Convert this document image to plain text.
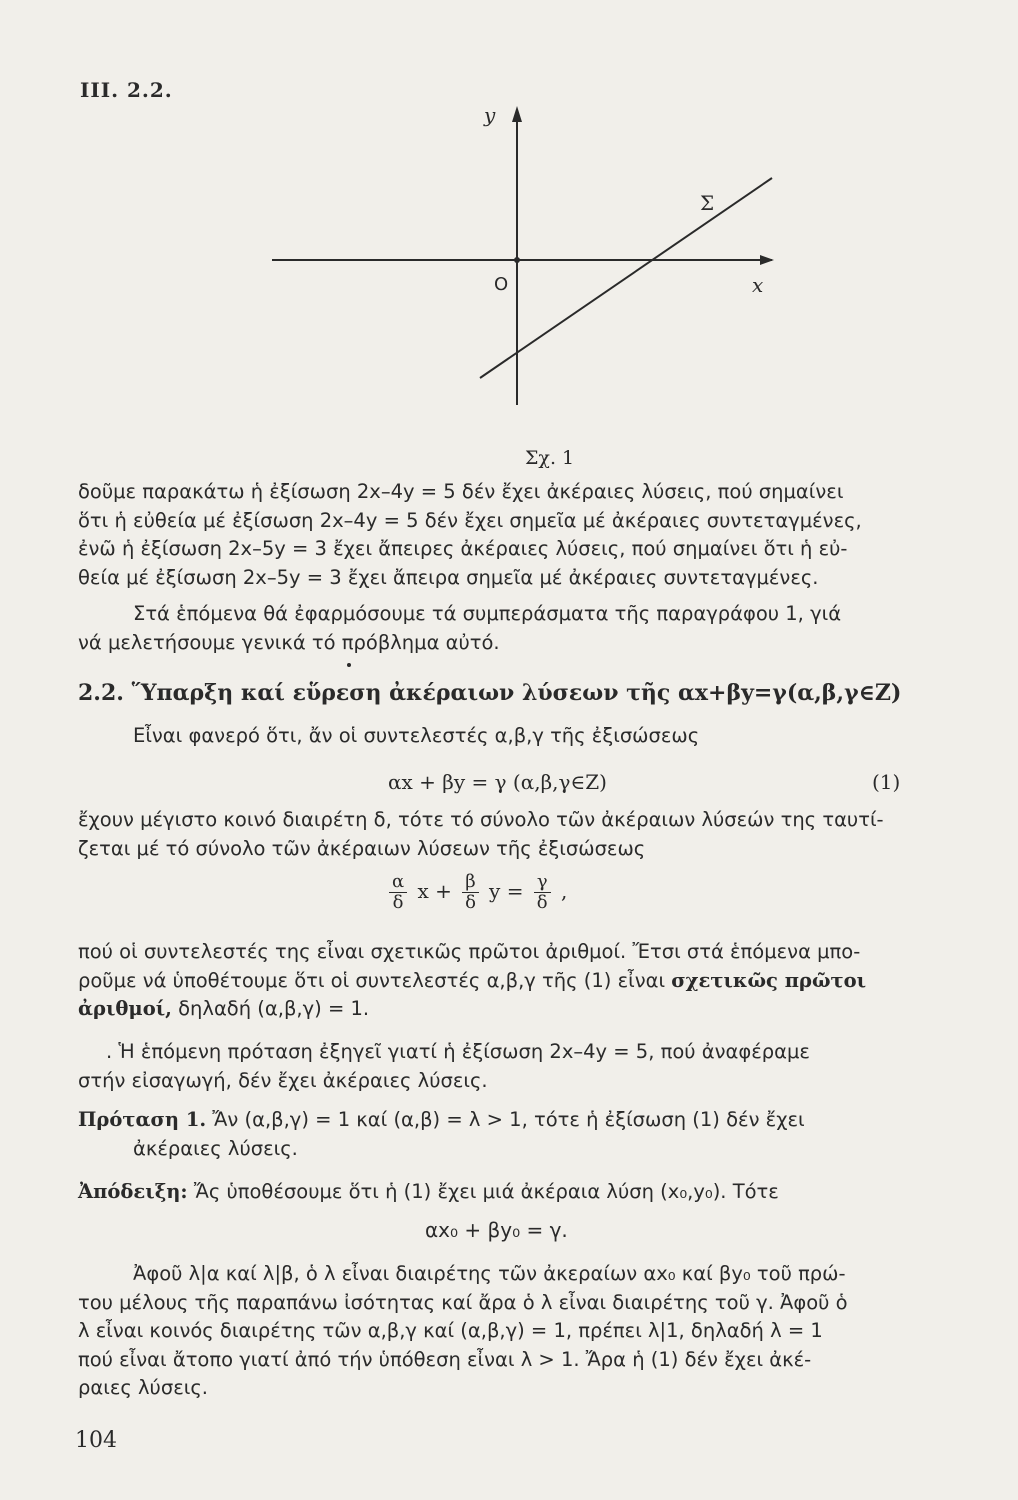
III. 2.2.
y
x
O
Σ
Σχ. 1
δοῦμε παρακάτω ἡ ἐξίσωση 2x–4y = 5 δέν ἔχει ἀκέραιες λύσεις, πού σημαίνει
ὅτι ἡ εὐθεία μέ ἐξίσωση 2x–4y = 5 δέν ἔχει σημεῖα μέ ἀκέραιες συντεταγμένες,
ἐνῶ ἡ ἐξίσωση 2x–5y = 3 ἔχει ἄπειρες ἀκέραιες λύσεις, πού σημαίνει ὅτι ἡ εὐ-
θεία μέ ἐξίσωση 2x–5y = 3 ἔχει ἄπειρα σημεῖα μέ ἀκέραιες συντεταγμένες.
Στά ἑπόμενα θά ἐφαρμόσουμε τά συμπεράσματα τῆς παραγράφου 1, γιά
νά μελετήσουμε γενικά τό πρόβλημα αὐτό.
2.2. Ὕπαρξη καί εὕρεση ἀκέραιων λύσεων τῆς αx+βy=γ(α,β,γ∈Z)
Εἶναι φανερό ὅτι, ἄν οἱ συντελεστές α,β,γ τῆς ἐξισώσεως
αx + βy = γ (α,β,γ∈Z)	(1)
ἔχουν μέγιστο κοινό διαιρέτη δ, τότε τό σύνολο τῶν ἀκέραιων λύσεών της ταυτί-
ζεται μέ τό σύνολο τῶν ἀκέραιων λύσεων τῆς ἐξισώσεως
$\frac{\alpha}{\delta}$ $x + \frac{\beta}{\delta}$ $y = \frac{\gamma}{\delta}$ ,
πού οἱ συντελεστές της εἶναι σχετικῶς πρῶτοι ἀριθμοί. Ἔτσι στά ἑπόμενα μπο-
ροῦμε νά ὑποθέτουμε ὅτι οἱ συντελεστές α,β,γ τῆς (1) εἶναι σχετικῶς πρῶτοι
ἀριθμοί, δηλαδή (α,β,γ) = 1.
. Ἡ ἑπόμενη πρόταση ἐξηγεῖ γιατί ἡ ἐξίσωση 2x–4y = 5, πού ἀναφέραμε
στήν εἰσαγωγή, δέν ἔχει ἀκέραιες λύσεις.
Πρόταση 1. Ἄν (α,β,γ) = 1 καί (α,β) = λ > 1, τότε ἡ ἐξίσωση (1) δέν ἔχει
ἀκέραιες λύσεις.
Ἀπόδειξη: Ἄς ὑποθέσουμε ὅτι ἡ (1) ἔχει μιά ἀκέραια λύση (x₀,y₀). Τότε
αx₀ + βy₀ = γ.
Ἀφοῦ λ|α καί λ|β, ὁ λ εἶναι διαιρέτης τῶν ἀκεραίων αx₀ καί βy₀ τοῦ πρώ-
του μέλους τῆς παραπάνω ἰσότητας καί ἄρα ὁ λ εἶναι διαιρέτης τοῦ γ. Ἀφοῦ ὁ
λ εἶναι κοινός διαιρέτης τῶν α,β,γ καί (α,β,γ) = 1, πρέπει λ|1, δηλαδή λ = 1
πού εἶναι ἄτοπο γιατί ἀπό τήν ὑπόθεση εἶναι λ > 1. Ἄρα ἡ (1) δέν ἔχει ἀκέ-
ραιες λύσεις.
104
